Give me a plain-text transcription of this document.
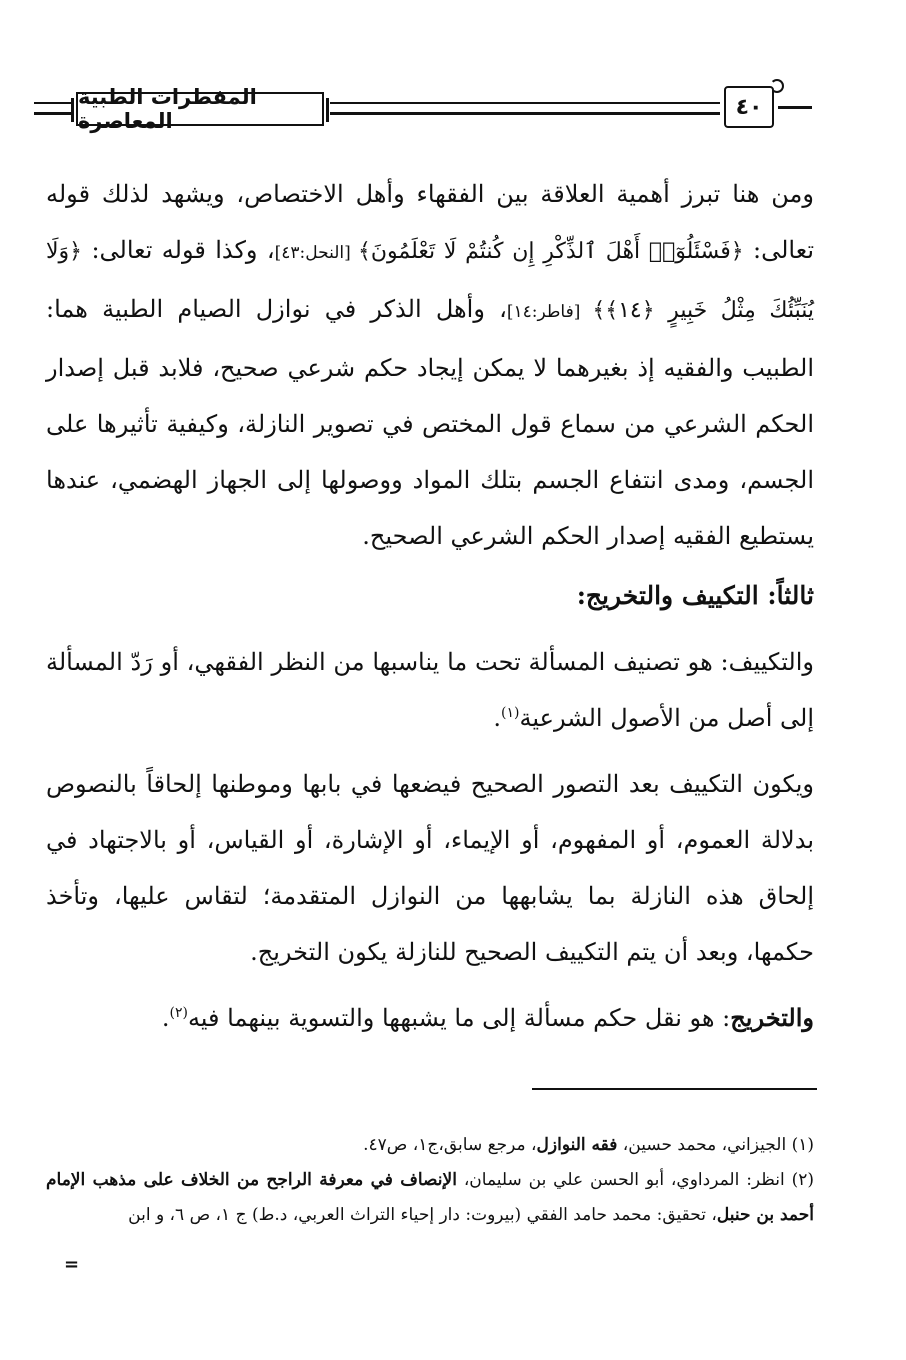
المفطرات الطبية المعاصرة
٤٠

ومن هنا تبرز أهمية العلاقة بين الفقهاء وأهل الاختصاص، ويشهد لذلك قوله تعالى: ﴿فَسْئَلُوٓا۟ أَهْلَ ٱلذِّكْرِ إِن كُنتُمْ لَا تَعْلَمُونَ﴾ [النحل:٤٣]، وكذا قوله تعالى: ﴿وَلَا يُنَبِّئُكَ مِثْلُ خَبِيرٍ ﴿١٤﴾﴾ [فاطر:١٤]، وأهل الذكر في نوازل الصيام الطبية هما: الطبيب والفقيه إذ بغيرهما لا يمكن إيجاد حكم شرعي صحيح، فلابد قبل إصدار الحكم الشرعي من سماع قول المختص في تصوير النازلة، وكيفية تأثيرها على الجسم، ومدى انتفاع الجسم بتلك المواد ووصولها إلى الجهاز الهضمي، عندها يستطيع الفقيه إصدار الحكم الشرعي الصحيح.

ثالثاً: التكييف والتخريج:

والتكييف: هو تصنيف المسألة تحت ما يناسبها من النظر الفقهي، أو رَدّ المسألة إلى أصل من الأصول الشرعية$^{(١)}$.

ويكون التكييف بعد التصور الصحيح فيضعها في بابها وموطنها إلحاقاً بالنصوص بدلالة العموم، أو المفهوم، أو الإيماء، أو الإشارة، أو القياس، أو بالاجتهاد في إلحاق هذه النازلة بما يشابهها من النوازل المتقدمة؛ لتقاس عليها، وتأخذ حكمها، وبعد أن يتم التكييف الصحيح للنازلة يكون التخريج.

والتخريج: هو نقل حكم مسألة إلى ما يشبهها والتسوية بينهما فيه$^{(٢)}$.

(١) الجيزاني، محمد حسين، فقه النوازل، مرجع سابق،ج١، ص٤٧.

(٢) انظر: المرداوي، أبو الحسن علي بن سليمان، الإنصاف في معرفة الراجح من الخلاف على مذهب الإمام أحمد بن حنبل، تحقيق: محمد حامد الفقي (بيروت: دار إحياء التراث العربي، د.ط) ج ١، ص ٦، و ابن

=
